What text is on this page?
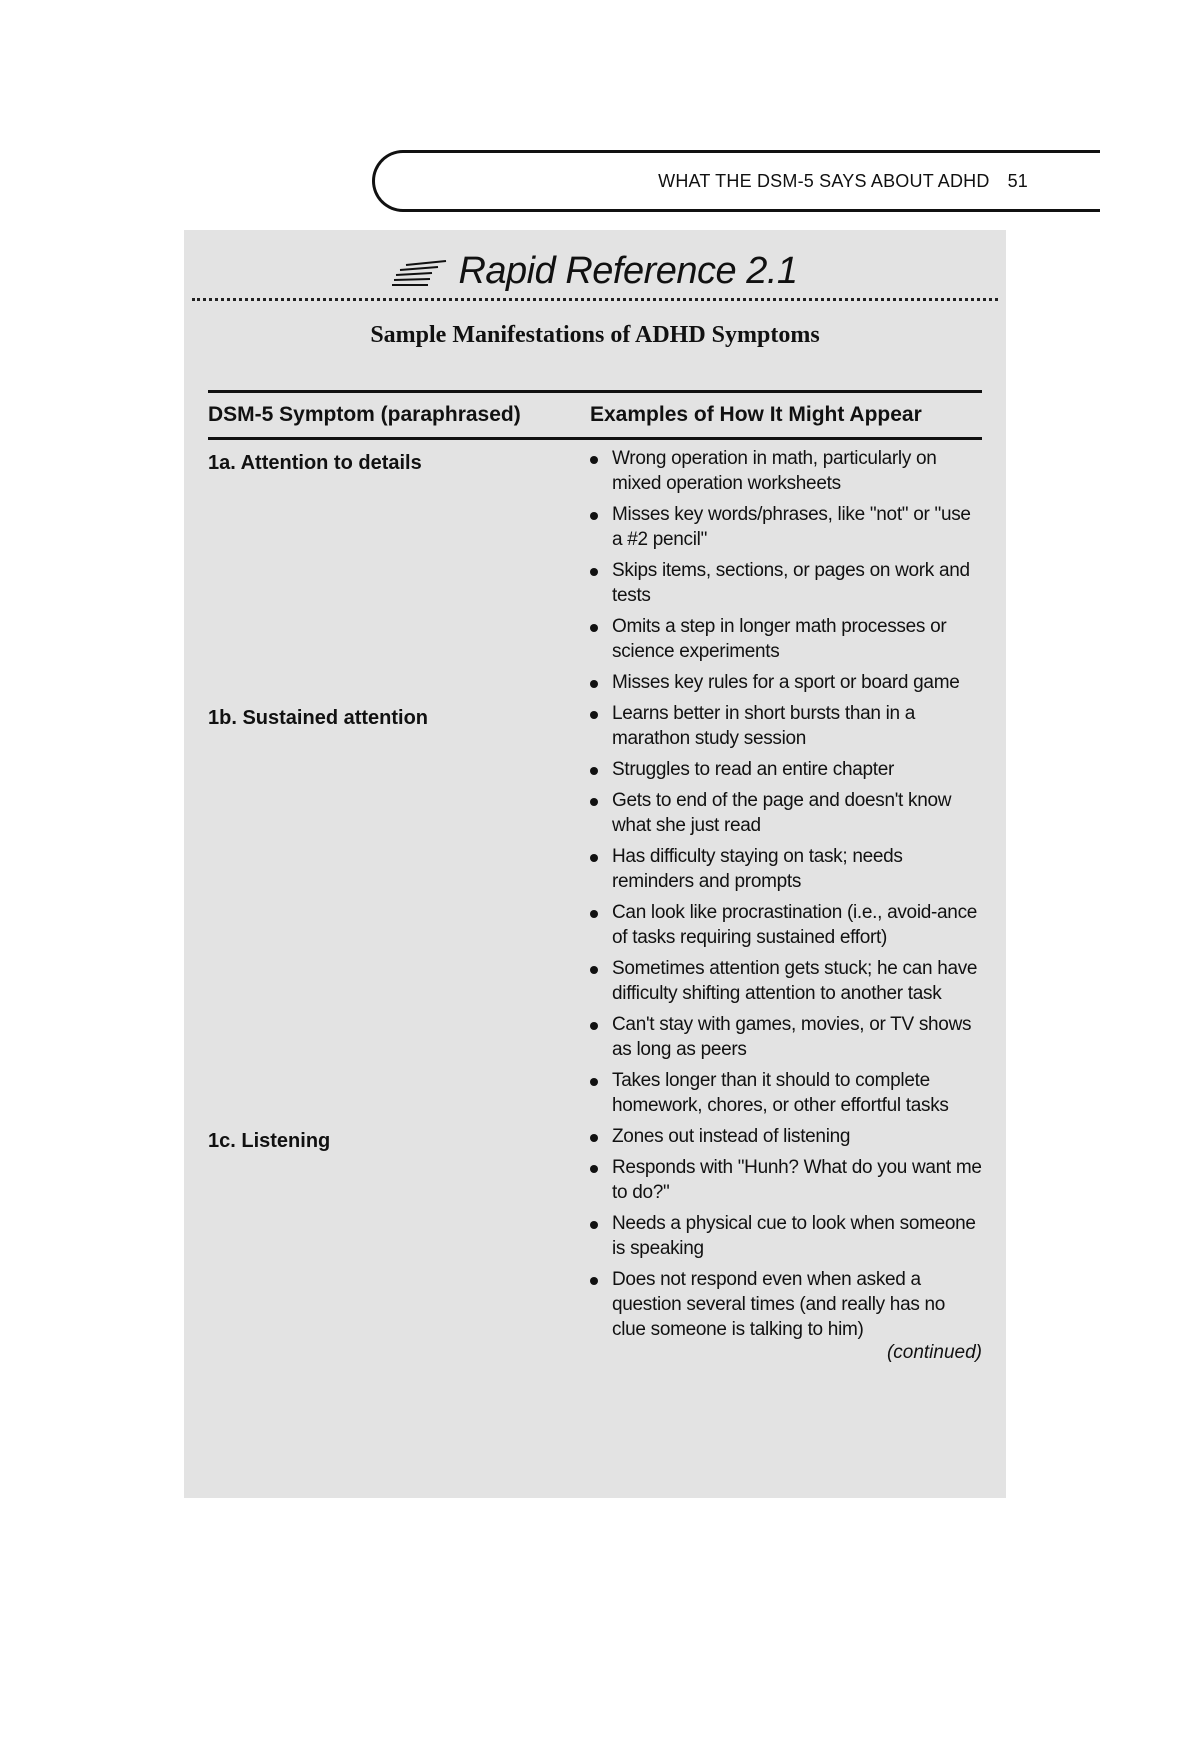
WHAT THE DSM-5 SAYS ABOUT ADHD 51
Rapid Reference 2.1
Sample Manifestations of ADHD Symptoms
DSM-5 Symptom (paraphrased)	Examples of How It Might Appear
1a. Attention to details	Wrong operation in math, particularly on mixed operation worksheets
Misses key words/phrases, like "not" or "use a #2 pencil"
Skips items, sections, or pages on work and tests
Omits a step in longer math processes or science experiments
Misses key rules for a sport or board game
1b. Sustained attention	Learns better in short bursts than in a marathon study session
Struggles to read an entire chapter
Gets to end of the page and doesn't know what she just read
Has difficulty staying on task; needs reminders and prompts
Can look like procrastination (i.e., avoid-ance of tasks requiring sustained effort)
Sometimes attention gets stuck; he can have difficulty shifting attention to another task
Can't stay with games, movies, or TV shows as long as peers
Takes longer than it should to complete homework, chores, or other effortful tasks
1c. Listening	Zones out instead of listening
Responds with "Hunh? What do you want me to do?"
Needs a physical cue to look when someone is speaking
Does not respond even when asked a question several times (and really has no clue someone is talking to him)
(continued)
